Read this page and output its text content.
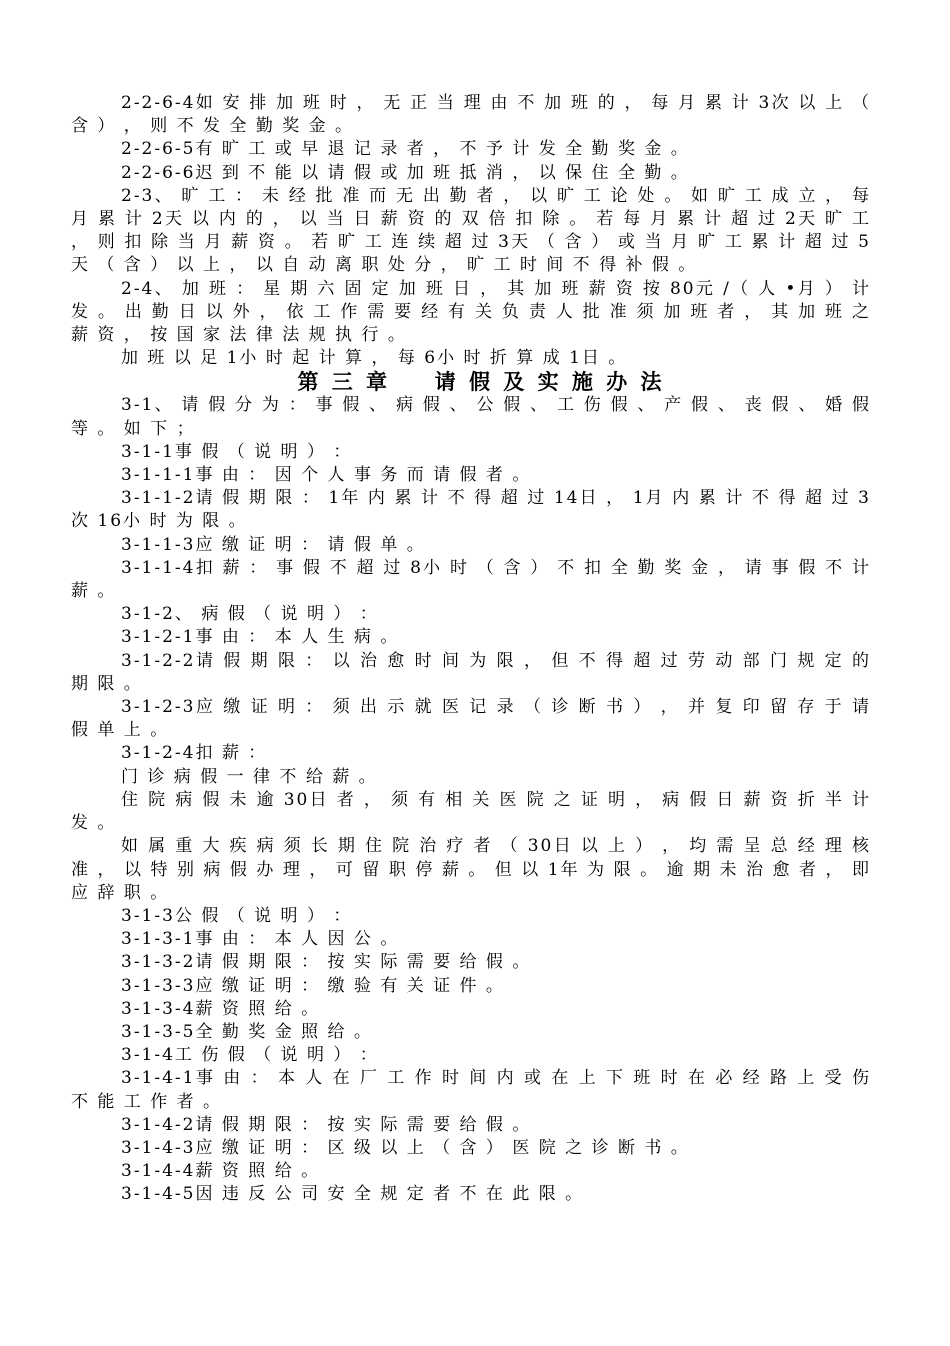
2-2-6-4如 安 排 加 班 时 ， 无 正 当 理 由 不 加 班 的 ， 每 月 累 计 3次 以 上 （ 含 ） ， 则 不 发 全 勤 奖 金 。

2-2-6-5有 旷 工 或 早 退 记 录 者 ， 不 予 计 发 全 勤 奖 金 。

2-2-6-6迟 到 不 能 以 请 假 或 加 班 抵 消 ， 以 保 住 全 勤 。

2-3、 旷 工 ： 未 经 批 准 而 无 出 勤 者 ， 以 旷 工 论 处 。 如 旷 工 成 立 ， 每 月 累 计 2天 以 内 的 ， 以 当 日 薪 资 的 双 倍 扣 除 。 若 每 月 累 计 超 过 2天 旷 工 ， 则 扣 除 当 月 薪 资 。 若 旷 工 连 续 超 过 3天 （ 含 ） 或 当 月 旷 工 累 计 超 过 5天 （ 含 ） 以 上 ， 以 自 动 离 职 处 分 ， 旷 工 时 间 不 得 补 假 。

2-4、 加 班 ： 星 期 六 固 定 加 班 日 ， 其 加 班 薪 资 按 80元 /（ 人 •月 ） 计 发 。 出 勤 日 以 外 ， 依 工 作 需 要 经 有 关 负 责 人 批 准 须 加 班 者 ， 其 加 班 之 薪 资 ， 按 国 家 法 律 法 规 执 行 。

加 班 以 足 1小 时 起 计 算 ， 每 6小 时 折 算 成 1日 。

第 三 章 　 请 假 及 实 施 办 法

3-1、 请 假 分 为 ： 事 假 、 病 假 、 公 假 、 工 伤 假 、 产 假 、 丧 假 、 婚 假 等 。 如 下 ；

3-1-1事 假 （ 说 明 ） ：

3-1-1-1事 由 ： 因 个 人 事 务 而 请 假 者 。

3-1-1-2请 假 期 限 ： 1年 内 累 计 不 得 超 过 14日 ， 1月 内 累 计 不 得 超 过 3次 16小 时 为 限 。

3-1-1-3应 缴 证 明 ： 请 假 单 。

3-1-1-4扣 薪 ： 事 假 不 超 过 8小 时 （ 含 ） 不 扣 全 勤 奖 金 ， 请 事 假 不 计 薪 。

3-1-2、 病 假 （ 说 明 ） ：

3-1-2-1事 由 ： 本 人 生 病 。

3-1-2-2请 假 期 限 ： 以 治 愈 时 间 为 限 ， 但 不 得 超 过 劳 动 部 门 规 定 的 期 限 。

3-1-2-3应 缴 证 明 ： 须 出 示 就 医 记 录 （ 诊 断 书 ） ， 并 复 印 留 存 于 请 假 单 上 。

3-1-2-4扣 薪 ：

门 诊 病 假 一 律 不 给 薪 。

住 院 病 假 未 逾 30日 者 ， 须 有 相 关 医 院 之 证 明 ， 病 假 日 薪 资 折 半 计 发 。

如 属 重 大 疾 病 须 长 期 住 院 治 疗 者 （ 30日 以 上 ） ， 均 需 呈 总 经 理 核 准 ， 以 特 别 病 假 办 理 ， 可 留 职 停 薪 。 但 以 1年 为 限 。 逾 期 未 治 愈 者 ， 即 应 辞 职 。

3-1-3公 假 （ 说 明 ） ：

3-1-3-1事 由 ： 本 人 因 公 。

3-1-3-2请 假 期 限 ： 按 实 际 需 要 给 假 。

3-1-3-3应 缴 证 明 ： 缴 验 有 关 证 件 。

3-1-3-4薪 资 照 给 。

3-1-3-5全 勤 奖 金 照 给 。

3-1-4工 伤 假 （ 说 明 ） ：

3-1-4-1事 由 ： 本 人 在 厂 工 作 时 间 内 或 在 上 下 班 时 在 必 经 路 上 受 伤 不 能 工 作 者 。

3-1-4-2请 假 期 限 ： 按 实 际 需 要 给 假 。

3-1-4-3应 缴 证 明 ： 区 级 以 上 （ 含 ） 医 院 之 诊 断 书 。

3-1-4-4薪 资 照 给 。

3-1-4-5因 违 反 公 司 安 全 规 定 者 不 在 此 限 。
